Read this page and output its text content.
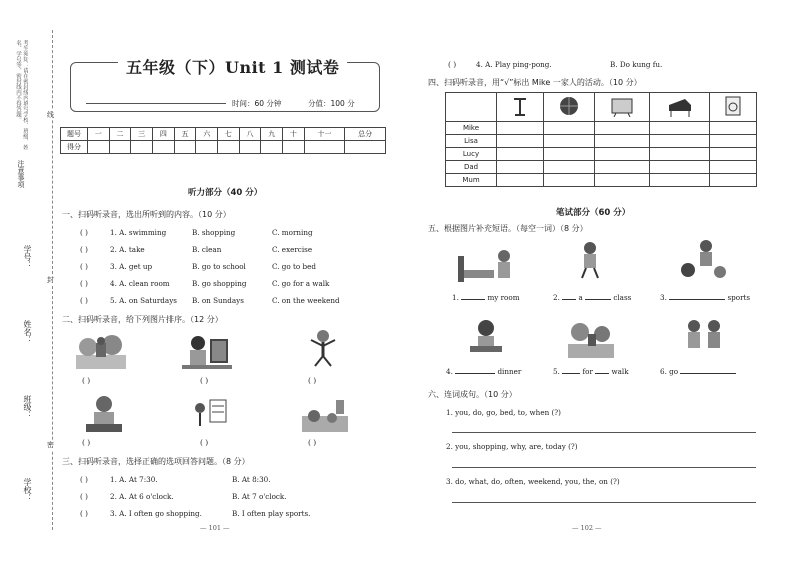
考生须知：请在密封线内填写学校、班级、姓名、学号等，密封线内不得答题。
注意事项
学号：
姓名：
班级：
学校：
线
封
密
五年级（下）Unit 1 测试卷
时间：60 分钟	分值：100 分
题号	一	二	三	四	五	六	七	八	九	十	十一	总分
得分												
听力部分（40 分）
一、扫码听录音，选出所听到的内容。（10 分）
( )	1. A. swimming	B. shopping	C. morning
( )	2. A. take	B. clean	C. exercise
( )	3. A. get up	B. go to school	C. go to bed
( )	4. A. clean room	B. go shopping	C. go for a walk
( )	5. A. on Saturdays B. on Sundays	C. on the weekend
二、扫码听录音，给下列图片排序。（12 分）
( )	( )	( )
( )	( )	( )
三、扫码听录音，选择正确的选项回答问题。（8 分）
( )	1. A. At 7:30.	B. At 8:30.
( )	2. A. At 6 o'clock.	B. At 7 o'clock.
( )	3. A. I often go shopping.	B. I often play sports.
— 101 —
( )	4. A. Play ping-pong.	B. Do kung fu.
四、扫码听录音，用“√”标出 Mike 一家人的活动。（10 分）

Mike					
Lisa					
Lucy					
Dad					
Mum					
笔试部分（60 分）
五、根据图片补充短语。（每空一词）（8 分）
1.	my room	2.	a	class	3.	sports
4.	dinner	5.	for	walk	6. go
六、连词成句。（10 分）
1. you, do, go, bed, to, when (?)
2. you, shopping, why, are, today (?)
3. do, what, do, often, weekend, you, the, on (?)
— 102 —
